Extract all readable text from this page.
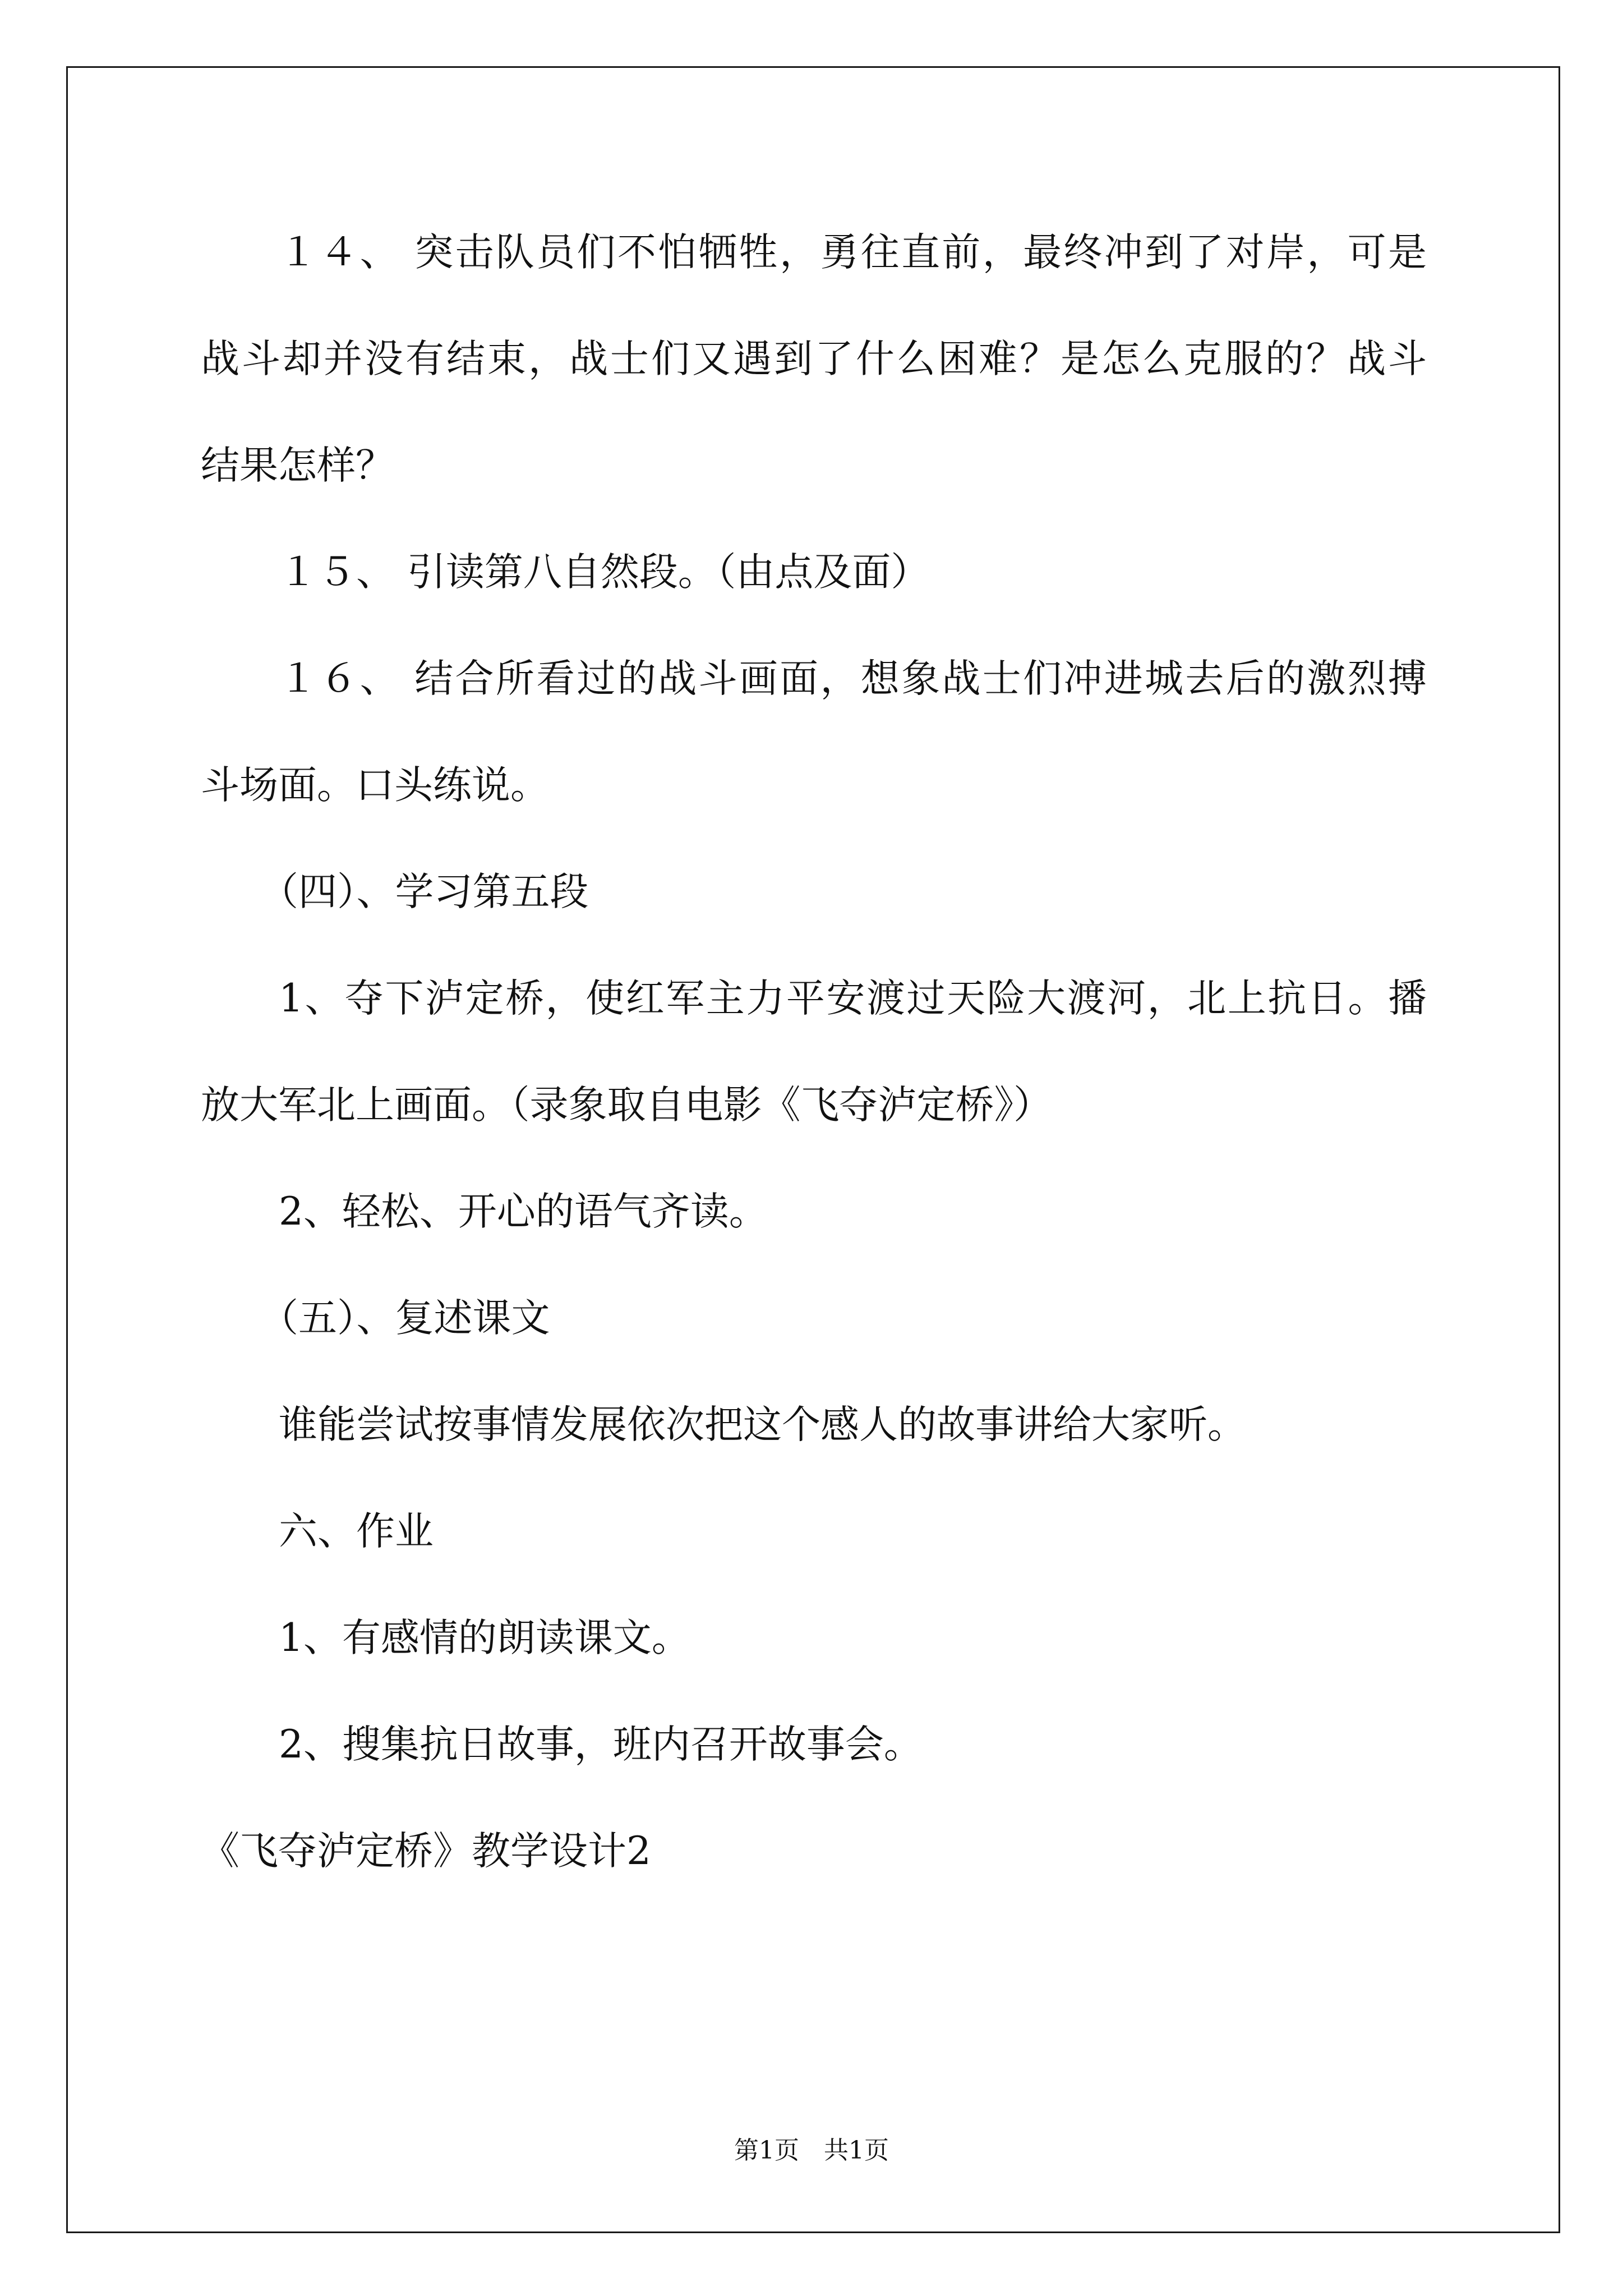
１４、 突击队员们不怕牺牲，勇往直前，最终冲到了对岸，可是
战斗却并没有结束，战士们又遇到了什么困难？是怎么克服的？战斗
结果怎样？
１５、 引读第八自然段。（由点及面）
１６、 结合所看过的战斗画面，想象战士们冲进城去后的激烈搏
斗场面。口头练说。
（四）、学习第五段
1、夺下泸定桥，使红军主力平安渡过天险大渡河，北上抗日。播
放大军北上画面。（录象取自电影《飞夺泸定桥》）
2、轻松、开心的语气齐读。
（五）、复述课文
谁能尝试按事情发展依次把这个感人的故事讲给大家听。
六、作业
1、有感情的朗读课文。
2、搜集抗日故事，班内召开故事会。
《飞夺泸定桥》教学设计2
第1页　共1页
